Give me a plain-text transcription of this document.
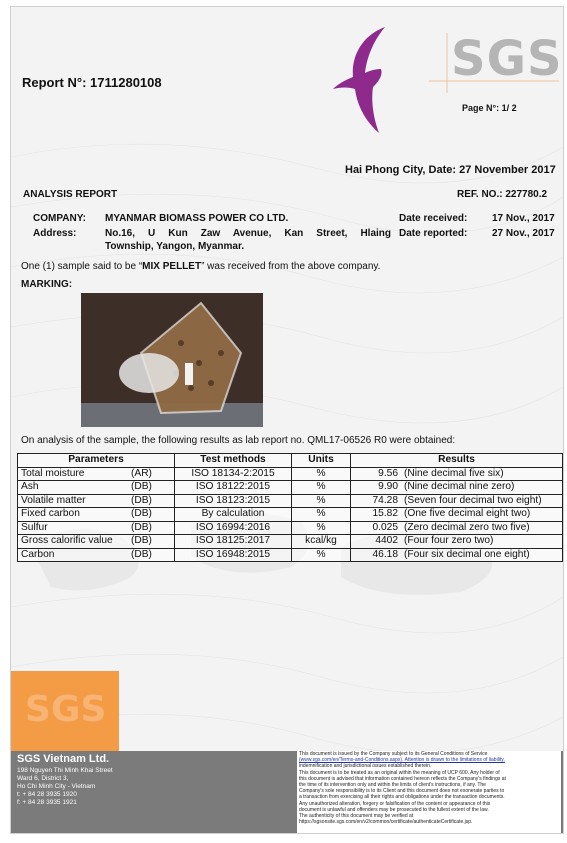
SGS
Report N°: 1711280108
Page N°: 1/ 2
Hai Phong City, Date: 27 November 2017
ANALYSIS REPORT	REF. NO.: 227780.2
COMPANY: MYANMAR BIOMASS POWER CO LTD.
Address:	No.16, U Kun Zaw Avenue, Kan Street, Hlaing
Township, Yangon, Myanmar.
Date received: 17 Nov., 2017
Date reported: 27 Nov., 2017
One (1) sample said to be “MIX PELLET” was received from the above company.
MARKING:
On analysis of the sample, the following results as lab report no. QML17-06526 R0 were obtained:
Parameters	Test methods	Units	Results	
Total moisture (AR)	ISO 18134-2:2015	%	9.56	(Nine decimal five six)
Ash (DB)	ISO 18122:2015	%	9.90	(Nine decimal nine zero)
Volatile matter (DB)	ISO 18123:2015	%	74.28	(Seven four decimal two eight)
Fixed carbon (DB)	By calculation	%	15.82	(One five decimal eight two)
Sulfur (DB)	ISO 16994:2016	%	0.025	(Zero decimal zero two five)
Gross calorific value (DB)	ISO 18125:2017	kcal/kg	4402	(Four four zero two)
Carbon (DB)	ISO 16948:2015	%	46.18	(Four six decimal one eight)
SGS
SGS Vietnam Ltd.
198 Nguyen Thi Minh Khai Street
Ward 6, District 3,
Ho Chi Minh City - Vietnam
t: + 84 28 3935 1920
f: + 84 28 3935 1921
This document is issued by the Company subject to its General Conditions of Service
(www.sgs.com/en/Terms-and-Conditions.aspx). Attention is drawn to the limitations of liability,
indemnification and jurisdictional issues established therein.
This document is to be treated as an original within the meaning of UCP 600. Any holder of
this document is advised that information contained hereon reflects the Company's findings at
the time of its intervention only and within the limits of client's instructions, if any. The
Company's sole responsibility is to its Client and this document does not exonerate parties to
a transaction from exercising all their rights and obligations under the transaction documents.
Any unauthorized alteration, forgery or falsification of the content or appearance of this
document is unlawful and offenders may be prosecuted to the fullest extent of the law.
The authenticity of this document may be verified at
https://sgsonsite.sgs.com/en/v2/common/certificate/authenticateCertificate.jsp.
